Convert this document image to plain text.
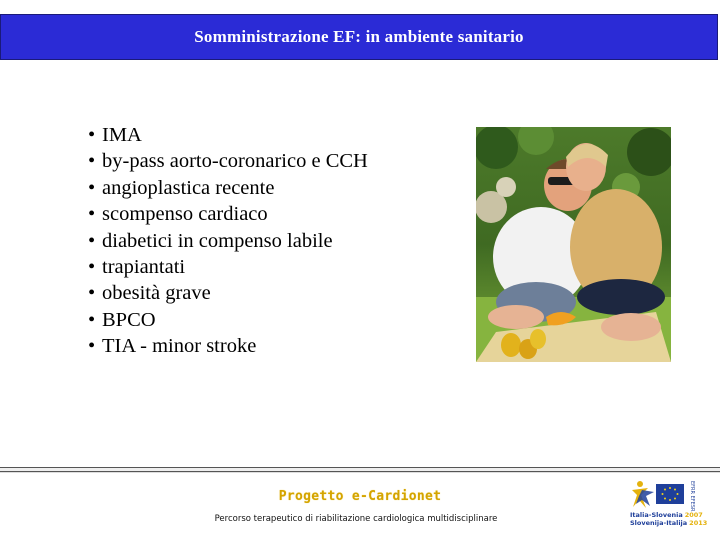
Somministrazione EF: in ambiente sanitario
• IMA
• by-pass aorto-coronarico e CCH
• angioplastica recente
• scompenso cardiaco
• diabetici in compenso labile
• trapiantati
• obesità grave
• BPCO
• TIA - minor stroke
Progetto e-Cardionet
Percorso terapeutico di riabilitazione cardiologica multidisciplinare
EFRR EFESR
Italia-Slovenia 2007
Slovenija-Italija 2013
